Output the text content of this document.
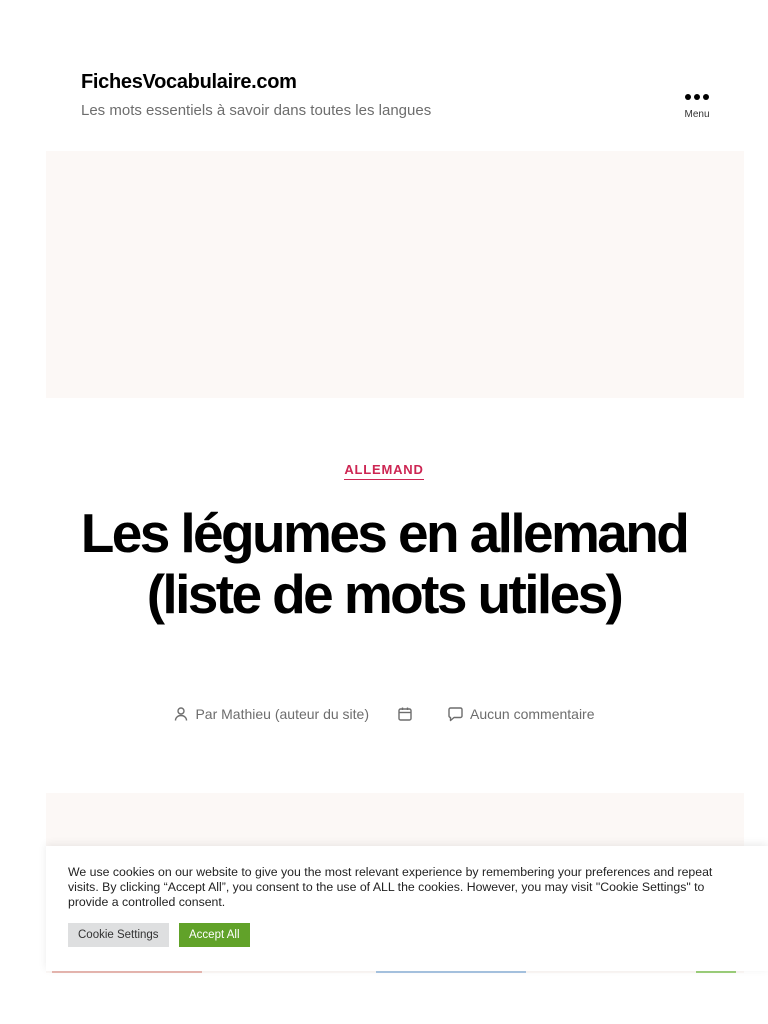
FichesVocabulaire.com
Les mots essentiels à savoir dans toutes les langues	Menu
ALLEMAND
Les légumes en allemand (liste de mots utiles)
Par Mathieu (auteur du site)	Aucun commentaire
We use cookies on our website to give you the most relevant experience by remembering your preferences and repeat visits. By clicking “Accept All”, you consent to the use of ALL the cookies. However, you may visit "Cookie Settings" to provide a controlled consent.
Cookie Settings	Accept All
